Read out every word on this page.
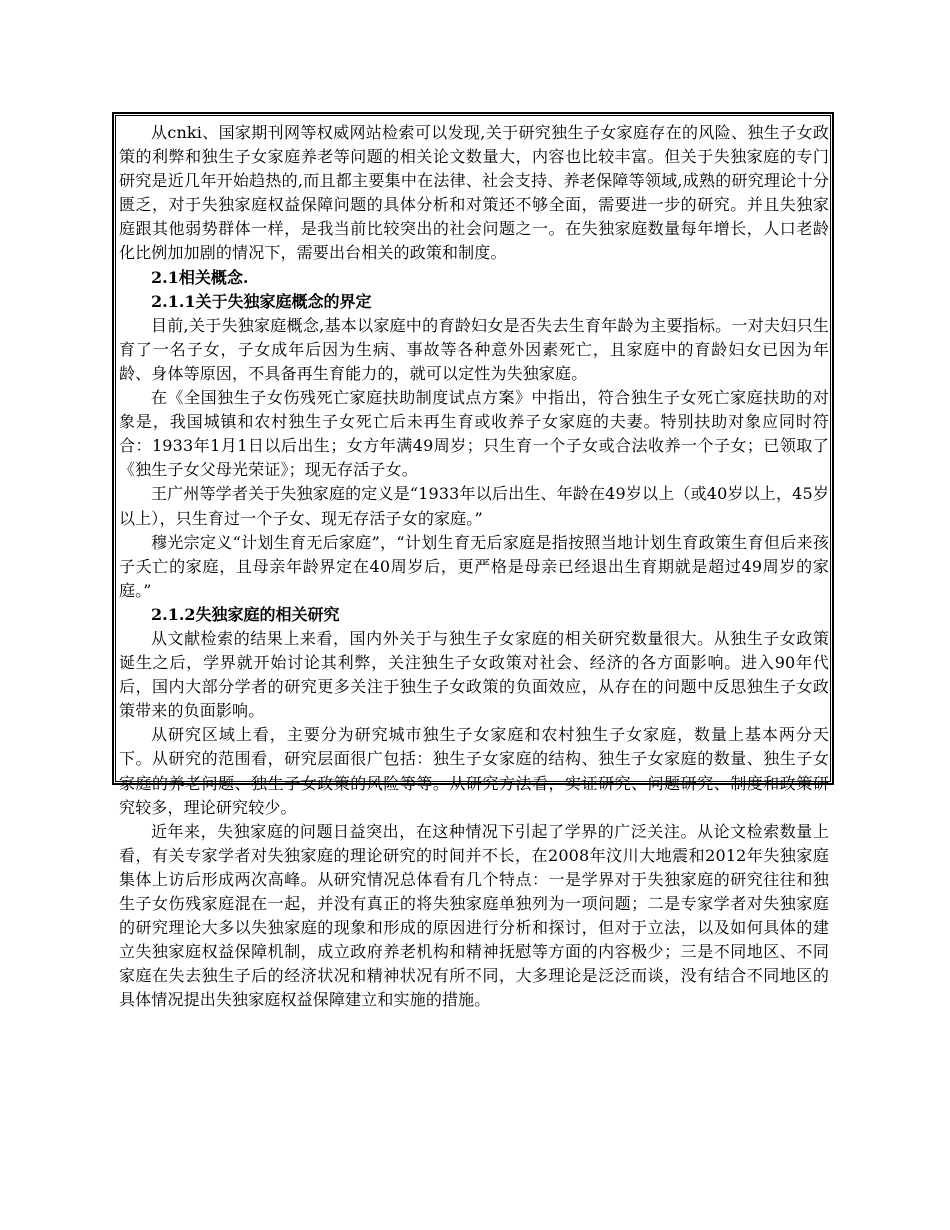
从cnki、国家期刊网等权威网站检索可以发现,关于研究独生子女家庭存在的风险、独生子女政策的利弊和独生子女家庭养老等问题的相关论文数量大，内容也比较丰富。但关于失独家庭的专门研究是近几年开始趋热的,而且都主要集中在法律、社会支持、养老保障等领域,成熟的研究理论十分匮乏，对于失独家庭权益保障问题的具体分析和对策还不够全面，需要进一步的研究。并且失独家庭跟其他弱势群体一样，是我当前比较突出的社会问题之一。在失独家庭数量每年增长，人口老龄化比例加加剧的情况下，需要出台相关的政策和制度。

2.1相关概念.

2.1.1关于失独家庭概念的界定

目前,关于失独家庭概念,基本以家庭中的育龄妇女是否失去生育年龄为主要指标。一对夫妇只生育了一名子女，子女成年后因为生病、事故等各种意外因素死亡，且家庭中的育龄妇女已因为年龄、身体等原因，不具备再生育能力的，就可以定性为失独家庭。

在《全国独生子女伤残死亡家庭扶助制度试点方案》中指出，符合独生子女死亡家庭扶助的对象是，我国城镇和农村独生子女死亡后未再生育或收养子女家庭的夫妻。特别扶助对象应同时符合：1933年1月1日以后出生；女方年满49周岁；只生育一个子女或合法收养一个子女；已领取了《独生子女父母光荣证》；现无存活子女。

王广州等学者关于失独家庭的定义是“1933年以后出生、年龄在49岁以上（或40岁以上，45岁以上），只生育过一个子女、现无存活子女的家庭。”

穆光宗定义“计划生育无后家庭”，“计划生育无后家庭是指按照当地计划生育政策生育但后来孩子夭亡的家庭，且母亲年龄界定在40周岁后，更严格是母亲已经退出生育期就是超过49周岁的家庭。”

2.1.2失独家庭的相关研究

从文献检索的结果上来看，国内外关于与独生子女家庭的相关研究数量很大。从独生子女政策诞生之后，学界就开始讨论其利弊，关注独生子女政策对社会、经济的各方面影响。进入90年代后，国内大部分学者的研究更多关注于独生子女政策的负面效应，从存在的问题中反思独生子女政策带来的负面影响。

从研究区域上看，主要分为研究城市独生子女家庭和农村独生子女家庭，数量上基本两分天下。从研究的范围看，研究层面很广包括：独生子女家庭的结构、独生子女家庭的数量、独生子女家庭的养老问题、独生子女政策的风险等等。从研究方法看，实证研究、问题研究、制度和政策研究较多，理论研究较少。

近年来，失独家庭的问题日益突出，在这种情况下引起了学界的广泛关注。从论文检索数量上看，有关专家学者对失独家庭的理论研究的时间并不长，在2008年汶川大地震和2012年失独家庭集体上访后形成两次高峰。从研究情况总体看有几个特点：一是学界对于失独家庭的研究往往和独生子女伤残家庭混在一起，并没有真正的将失独家庭单独列为一项问题；二是专家学者对失独家庭的研究理论大多以失独家庭的现象和形成的原因进行分析和探讨，但对于立法，以及如何具体的建立失独家庭权益保障机制，成立政府养老机构和精神抚慰等方面的内容极少；三是不同地区、不同家庭在失去独生子后的经济状况和精神状况有所不同，大多理论是泛泛而谈，没有结合不同地区的具体情况提出失独家庭权益保障建立和实施的措施。
